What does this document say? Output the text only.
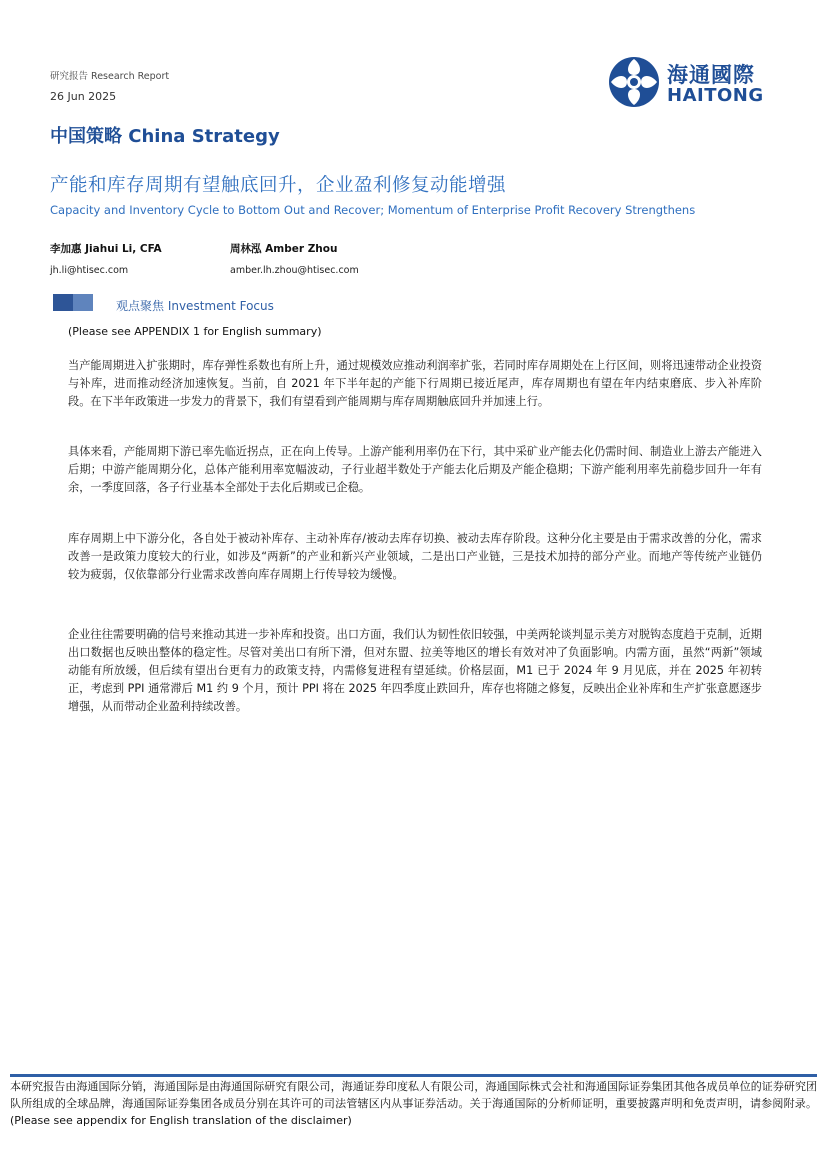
研究报告 Research Report
26 Jun 2025
中国策略 China Strategy
海通國際
HAITONG
产能和库存周期有望触底回升，企业盈利修复动能增强
Capacity and Inventory Cycle to Bottom Out and Recover; Momentum of Enterprise Profit Recovery Strengthens
李加惠 Jiahui Li, CFA
jh.li@htisec.com
周林泓 Amber Zhou
amber.lh.zhou@htisec.com
观点聚焦 Investment Focus
(Please see APPENDIX 1 for English summary)
当产能周期进入扩张期时，库存弹性系数也有所上升，通过规模效应推动利润率扩张，若同时库存周期处在上行区间，则将迅速带动企业投资与补库，进而推动经济加速恢复。当前，自 2021 年下半年起的产能下行周期已接近尾声，库存周期也有望在年内结束磨底、步入补库阶段。在下半年政策进一步发力的背景下，我们有望看到产能周期与库存周期触底回升并加速上行。
具体来看，产能周期下游已率先临近拐点，正在向上传导。上游产能利用率仍在下行，其中采矿业产能去化仍需时间、制造业上游去产能进入后期；中游产能周期分化，总体产能利用率宽幅波动，子行业超半数处于产能去化后期及产能企稳期；下游产能利用率先前稳步回升一年有余，一季度回落，各子行业基本全部处于去化后期或已企稳。
库存周期上中下游分化，各自处于被动补库存、主动补库存/被动去库存切换、被动去库存阶段。这种分化主要是由于需求改善的分化，需求改善一是政策力度较大的行业，如涉及“两新”的产业和新兴产业领域，二是出口产业链，三是技术加持的部分产业。而地产等传统产业链仍较为疲弱，仅依靠部分行业需求改善向库存周期上行传导较为缓慢。
企业往往需要明确的信号来推动其进一步补库和投资。出口方面，我们认为韧性依旧较强，中美两轮谈判显示美方对脱钩态度趋于克制，近期出口数据也反映出整体的稳定性。尽管对美出口有所下滑，但对东盟、拉美等地区的增长有效对冲了负面影响。内需方面，虽然“两新”领域动能有所放缓，但后续有望出台更有力的政策支持，内需修复进程有望延续。价格层面，M1 已于 2024 年 9 月见底，并在 2025 年初转正，考虑到 PPI 通常滞后 M1 约 9 个月，预计 PPI 将在 2025 年四季度止跌回升，库存也将随之修复，反映出企业补库和生产扩张意愿逐步增强，从而带动企业盈利持续改善。
本研究报告由海通国际分销，海通国际是由海通国际研究有限公司，海通证券印度私人有限公司，海通国际株式会社和海通国际证券集团其他各成员单位的证券研究团队所组成的全球品牌，海通国际证券集团各成员分别在其许可的司法管辖区内从事证券活动。关于海通国际的分析师证明，重要披露声明和免责声明，请参阅附录。(Please see appendix for English translation of the disclaimer)
